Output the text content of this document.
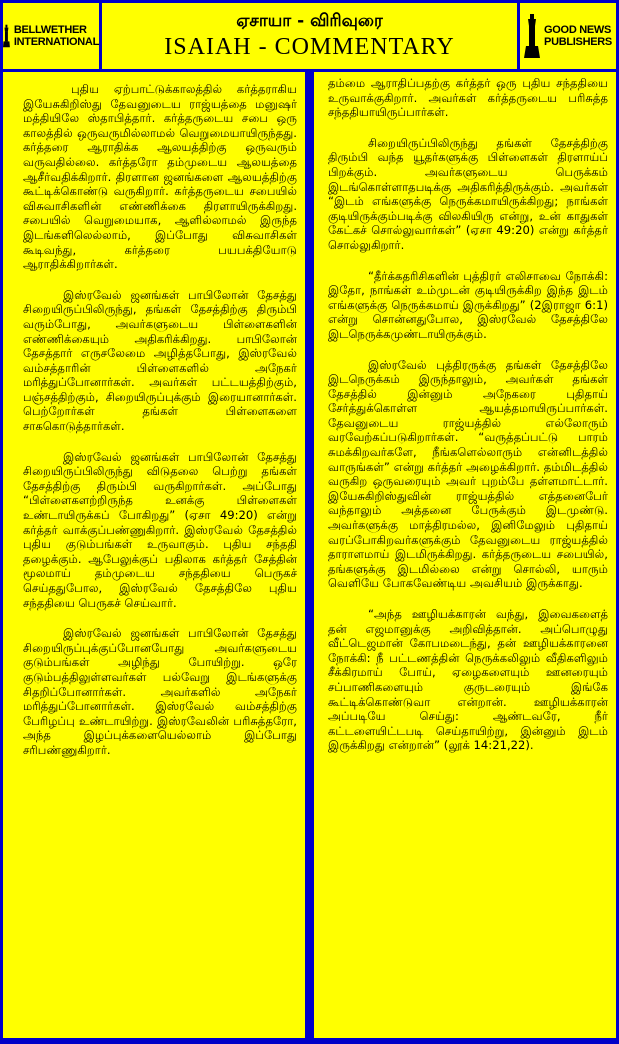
BELLWETHER
INTERNATIONAL
ஏசாயா - விரிவுரை
ISAIAH - COMMENTARY
GOOD NEWS
PUBLISHERS

புதிய ஏற்பாட்டுக்காலத்தில் கர்த்தராகிய இயேசுகிறிஸ்து தேவனுடைய ராஜ்யத்தை மனுஷர் மத்தியிலே ஸ்தாபித்தார். கர்த்தருடைய சபை ஒரு காலத்தில் ஒருவருமில்லாமல் வெறுமையாயிருந்தது. கர்த்தரை ஆராதிக்க ஆலயத்திற்கு ஒருவரும் வருவதில்லை. கர்த்தரோ தம்முடைய ஆலயத்தை ஆசீர்வதிக்கிறார். திரளான ஜனங்களை ஆலயத்திற்கு கூட்டிக்கொண்டு வருகிறார். கர்த்தருடைய சபையில் விசுவாசிகளின் எண்ணிக்கை திரளாயிருக்கிறது. சபையில் வெறுமையாக, ஆளில்லாமல் இருந்த இடங்களிலெல்லாம், இப்போது விசுவாசிகள் கூடிவந்து, கர்த்தரை பயபக்தியோடு ஆராதிக்கிறார்கள்.

இஸ்ரவேல் ஜனங்கள் பாபிலோன் தேசத்து சிறையிருப்பிலிருந்து, தங்கள் தேசத்திற்கு திரும்பி வரும்போது, அவர்களுடைய பிள்ளைகளின் எண்ணிக்கையும் அதிகரிக்கிறது. பாபிலோன் தேசத்தார் எருசலேமை அழித்தபோது, இஸ்ரவேல் வம்சத்தாரின் பிள்ளைகளில் அநேகர் மரித்துப்போனார்கள். அவர்கள் பட்டயத்திற்கும், பஞ்சத்திற்கும், சிறையிருப்புக்கும் இரையானார்கள். பெற்றோர்கள் தங்கள் பிள்ளைகளை சாககொடுத்தார்கள்.

இஸ்ரவேல் ஜனங்கள் பாபிலோன் தேசத்து சிறையிருப்பிலிருந்து விடுதலை பெற்று தங்கள் தேசத்திற்கு திரும்பி வருகிறார்கள். அப்போது “பிள்ளைகளற்றிருந்த உனக்கு பிள்ளைகள் உண்டாயிருக்கப் போகிறது” (ஏசா 49:20) என்று கர்த்தர் வாக்குப்பண்ணுகிறார். இஸ்ரவேல் தேசத்தில் புதிய குடும்பங்கள் உருவாகும். புதிய சந்ததி தழைக்கும். ஆபேலுக்குப் பதிலாக கர்த்தர் சேத்தின் மூலமாய் தம்முடைய சந்ததியை பெருகச் செய்ததுபோல, இஸ்ரவேல் தேசத்திலே புதிய சந்ததியை பெருகச் செய்வார்.

இஸ்ரவேல் ஜனங்கள் பாபிலோன் தேசத்து சிறையிருப்புக்குப்போனபோது அவர்களுடைய குடும்பங்கள் அழிந்து போயிற்று. ஒரே குடும்பத்திலுள்ளவர்கள் பல்வேறு இடங்களுக்கு சிதறிப்போனார்கள். அவர்களில் அநேகர் மரித்துப்போனார்கள். இஸ்ரவேல் வம்சத்திற்கு பேரிழப்பு உண்டாயிற்று. இஸ்ரவேலின் பரிசுத்தரோ, அந்த இழப்புக்களையெல்லாம் இப்போது சரிபண்ணுகிறார்.

தம்மை ஆராதிப்பதற்கு கர்த்தர் ஒரு புதிய சந்ததியை உருவாக்குகிறார். அவர்கள் கர்த்தருடைய பரிசுத்த சந்ததியாயிருப்பார்கள்.

சிறையிருப்பிலிருந்து தங்கள் தேசத்திற்கு திரும்பி வந்த யூதர்களுக்கு பிள்ளைகள் திரளாய்ப் பிறக்கும். அவர்களுடைய பெருக்கம் இடங்கொள்ளாதபடிக்கு அதிகரித்திருக்கும். அவர்கள் “இடம் எங்களுக்கு நெருக்கமாயிருக்கிறது; நாங்கள் குடியிருக்கும்படிக்கு விலகியிரு என்று, உன் காதுகள் கேட்கச் சொல்லுவார்கள்” (ஏசா 49:20) என்று கர்த்தர் சொல்லுகிறார்.

“தீர்க்கதரிசிகளின் புத்திரர் எலிசாவை நோக்கி: இதோ, நாங்கள் உம்முடன் குடியிருக்கிற இந்த இடம் எங்களுக்கு நெருக்கமாய் இருக்கிறது” (2இராஜா 6:1) என்று சொன்னதுபோல, இஸ்ரவேல் தேசத்திலே இடநெருக்கமுண்டாயிருக்கும்.

இஸ்ரவேல் புத்திரருக்கு தங்கள் தேசத்திலே இடநெருக்கம் இருந்தாலும், அவர்கள் தங்கள் தேசத்தில் இன்னும் அநேகரை புதிதாய் சேர்த்துக்கொள்ள ஆயத்தமாயிருப்பார்கள். தேவனுடைய ராஜ்யத்தில் எல்லோரும் வரவேற்கப்படுகிறார்கள். “வருத்தப்பட்டு பாரம் சுமக்கிறவர்களே, நீங்களெல்லாரும் என்னிடத்தில் வாருங்கள்” என்று கர்த்தர் அழைக்கிறார். தம்மிடத்தில் வருகிற ஒருவரையும் அவர் புறம்பே தள்ளமாட்டார். இயேசுகிறிஸ்துவின் ராஜ்யத்தில் எத்தனைபேர் வந்தாலும் அத்தனை பேருக்கும் இடமுண்டு. அவர்களுக்கு மாத்திரமல்ல, இனிமேலும் புதிதாய் வரப்போகிறவர்களுக்கும் தேவனுடைய ராஜ்யத்தில் தாராளமாய் இடமிருக்கிறது. கர்த்தருடைய சபையில், தங்களுக்கு இடமில்லை என்று சொல்லி, யாரும் வெளியே போகவேண்டிய அவசியம் இருக்காது.

“அந்த ஊழியக்காரன் வந்து, இவைகளைத் தன் எஜமானுக்கு அறிவித்தான். அப்பொழுது வீட்டெஜமான் கோபமடைந்து, தன் ஊழியக்காரனை நோக்கி: நீ பட்டணத்தின் நெருக்கலிலும் வீதிகளிலும் சீக்கிரமாய் போய், ஏழைகளையும் ஊனரையும் சப்பாணிகளையும் குருடரையும் இங்கே கூட்டிக்கொண்டுவா என்றான். ஊழியக்காரன் அப்படியே செய்து: ஆண்டவரே, நீர் கட்டளையிட்டபடி செய்தாயிற்று, இன்னும் இடம் இருக்கிறது என்றான்” (லூக் 14:21,22).
